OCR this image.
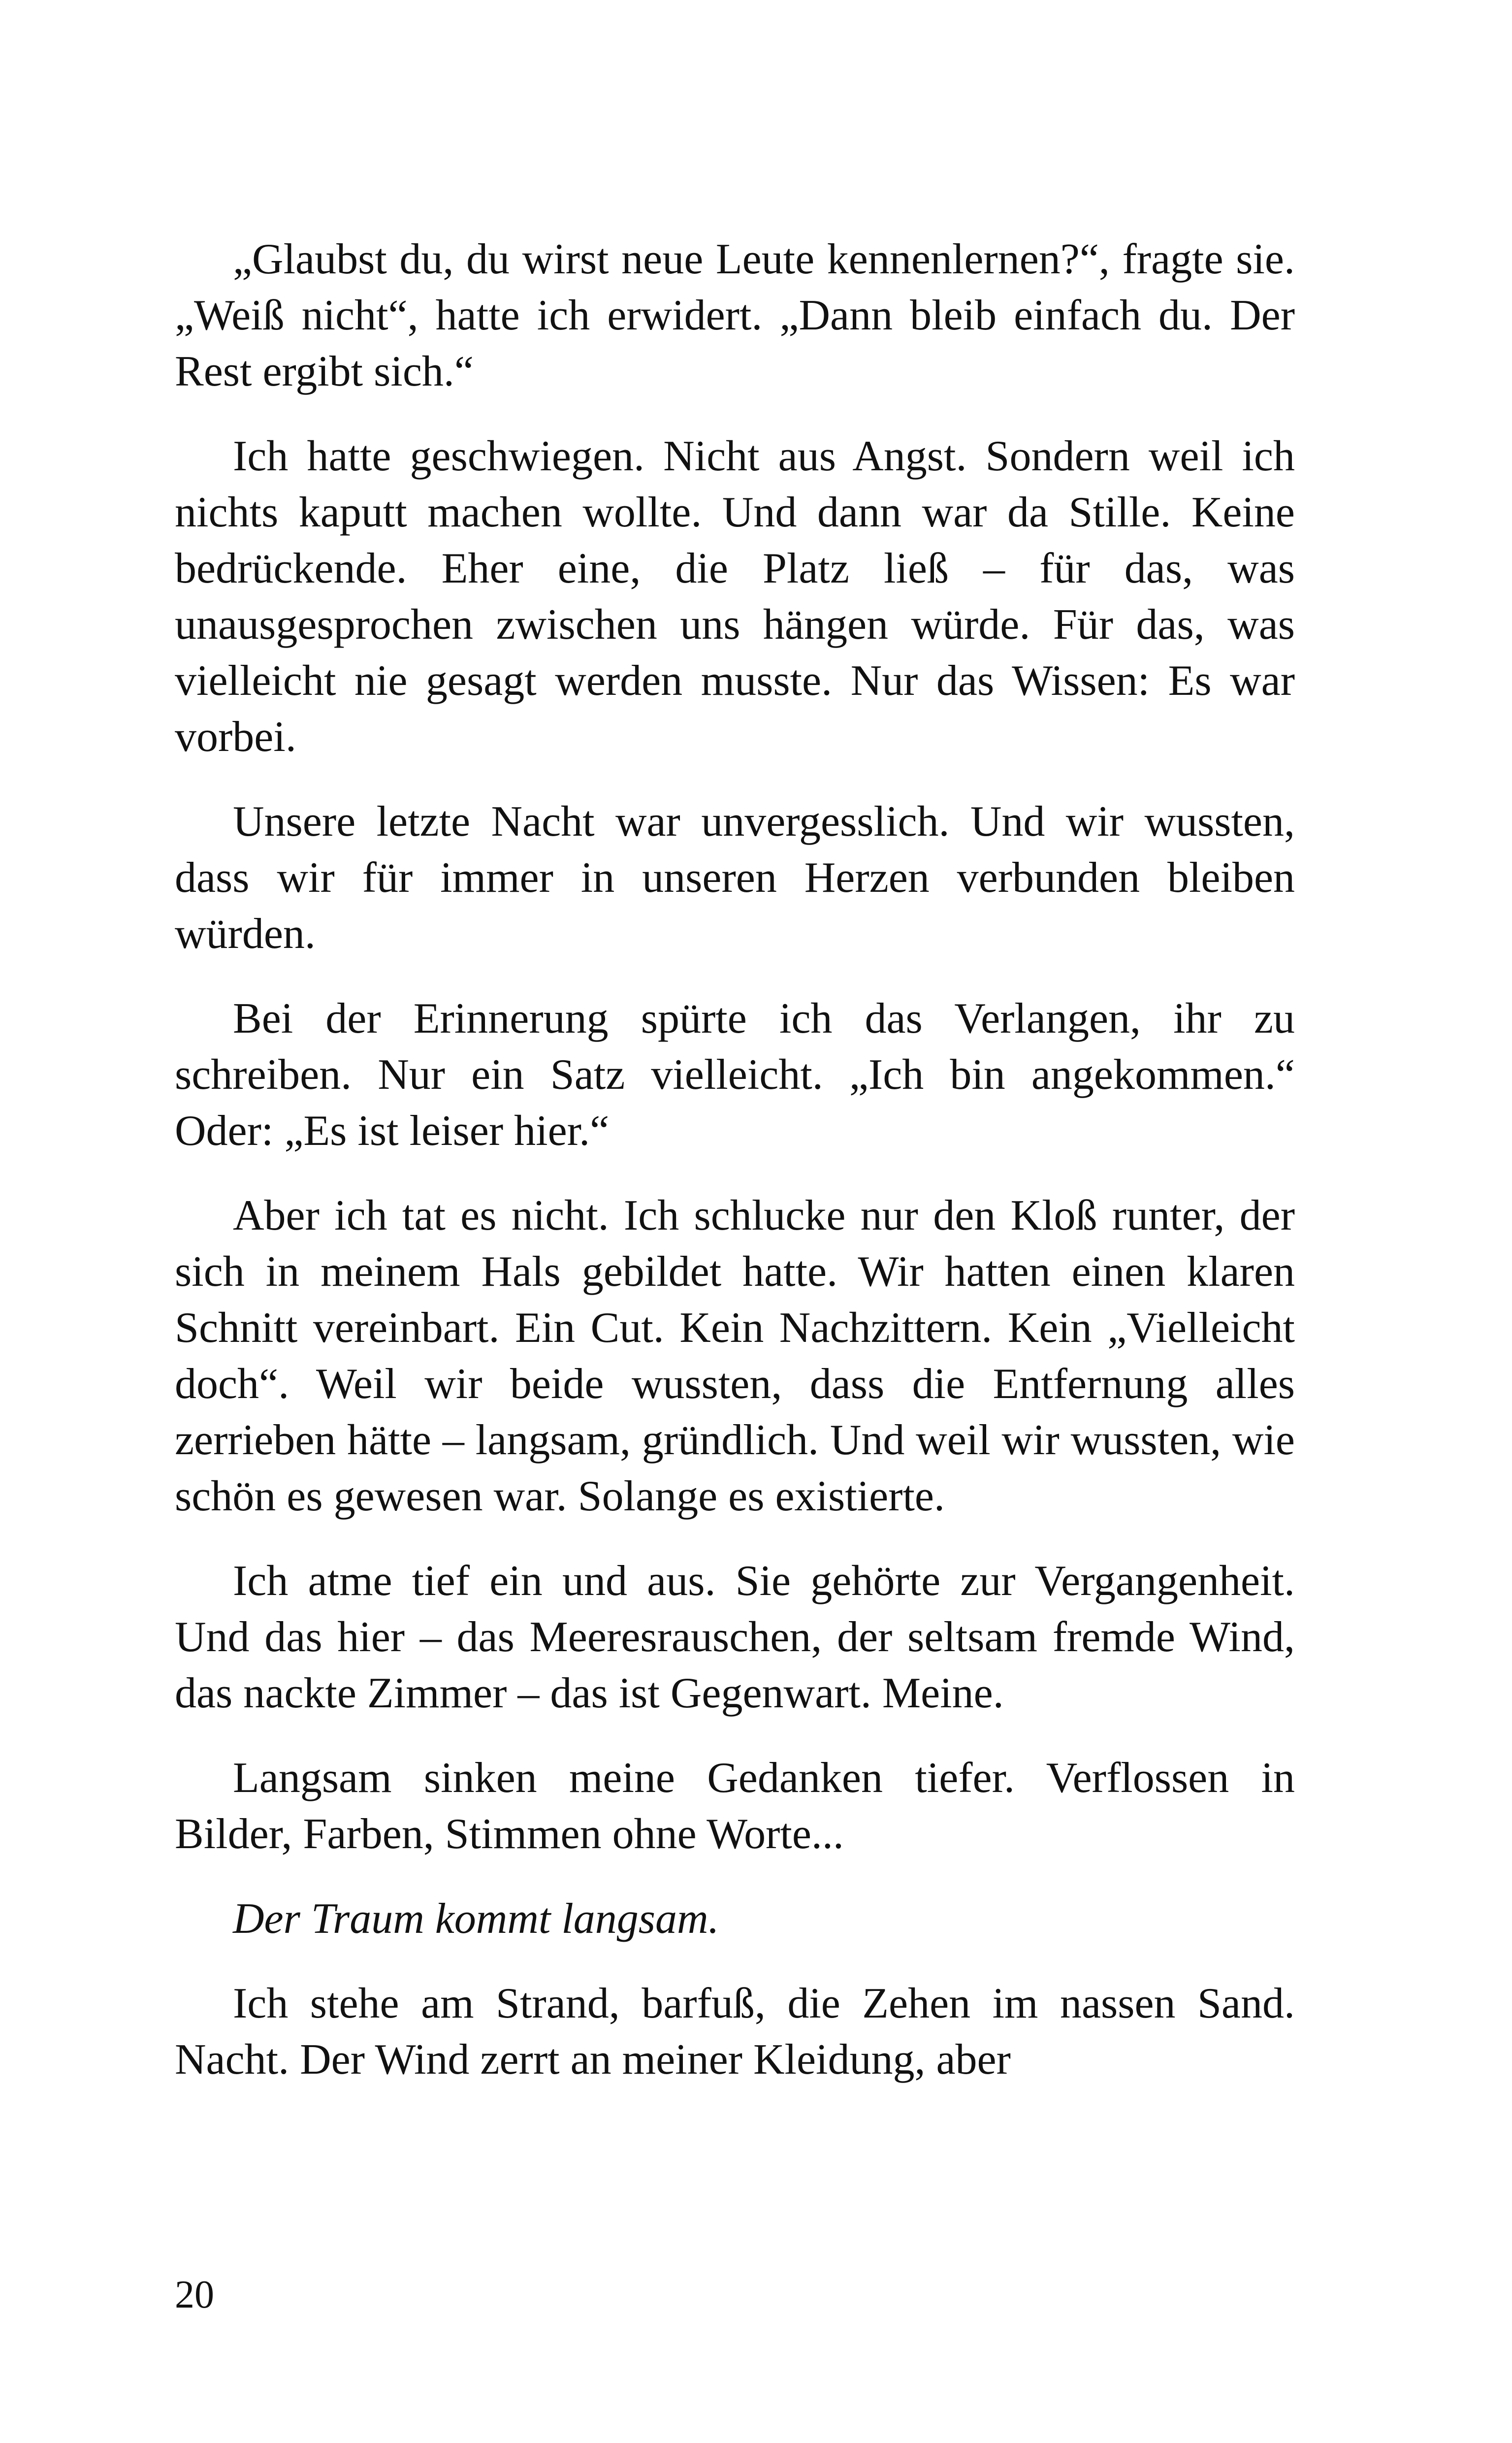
„Glaubst du, du wirst neue Leute kennenlernen?“, fragte sie. „Weiß nicht“, hatte ich erwidert. „Dann bleib einfach du. Der Rest ergibt sich.“

Ich hatte geschwiegen. Nicht aus Angst. Sondern weil ich nichts kaputt machen wollte. Und dann war da Stille. Keine bedrückende. Eher eine, die Platz ließ – für das, was unausgesprochen zwischen uns hängen würde. Für das, was vielleicht nie gesagt werden musste. Nur das Wissen: Es war vorbei.

Unsere letzte Nacht war unvergesslich. Und wir wussten, dass wir für immer in unseren Herzen verbunden bleiben würden.

Bei der Erinnerung spürte ich das Verlangen, ihr zu schreiben. Nur ein Satz vielleicht. „Ich bin angekommen.“ Oder: „Es ist leiser hier.“

Aber ich tat es nicht. Ich schlucke nur den Kloß runter, der sich in meinem Hals gebildet hatte. Wir hatten einen klaren Schnitt vereinbart. Ein Cut. Kein Nachzittern. Kein „Vielleicht doch“. Weil wir beide wussten, dass die Entfernung alles zerrieben hätte – langsam, gründlich. Und weil wir wussten, wie schön es gewesen war. Solange es existierte.

Ich atme tief ein und aus. Sie gehörte zur Vergangenheit. Und das hier – das Meeresrauschen, der seltsam fremde Wind, das nackte Zimmer – das ist Gegenwart. Meine.

Langsam sinken meine Gedanken tiefer. Verflossen in Bilder, Farben, Stimmen ohne Worte...

Der Traum kommt langsam.

Ich stehe am Strand, barfuß, die Zehen im nassen Sand. Nacht. Der Wind zerrt an meiner Kleidung, aber

20
